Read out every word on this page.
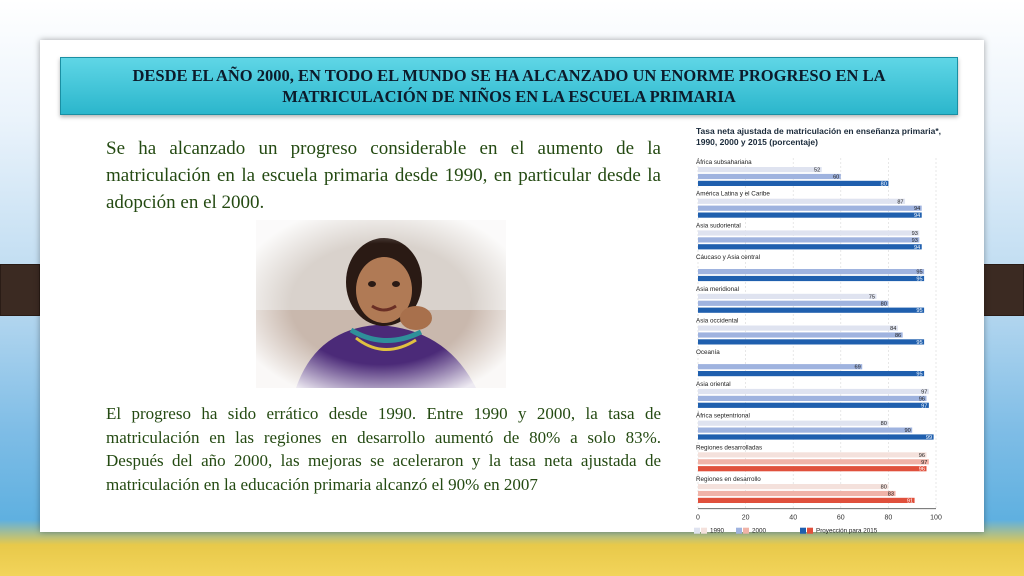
DESDE EL AÑO 2000, EN TODO EL MUNDO SE HA ALCANZADO UN ENORME PROGRESO EN LA MATRICULACIÓN DE NIÑOS EN LA ESCUELA PRIMARIA
Se ha alcanzado un progreso considerable en el aumento de la matriculación en la escuela primaria desde 1990, en particular desde la adopción en el 2000.
El progreso ha sido errático desde 1990. Entre 1990 y 2000, la tasa de matriculación en las regiones en desarrollo aumentó de 80% a solo 83%. Después del año 2000, las mejoras se aceleraron y la tasa neta ajustada de matriculación en la educación primaria alcanzó el 90% en 2007
Tasa neta ajustada de matriculación en enseñanza primaria*, 1990, 2000 y 2015 (porcentaje)
África subsahariana
52
60
80
América Latina y el Caribe
87
94
94
Asia sudoriental
93
93
94
Cáucaso y Asia central
95
95
Asia meridional
75
80
95
Asia occidental
84
86
95
Oceanía
69
95
Asia oriental
97
96
97
África septentrional
80
90
99
Regiones desarrolladas
96
97
96
Regiones en desarrollo
80
83
91
0	20	40	60	80	100
1990	2000	Proyección para 2015
